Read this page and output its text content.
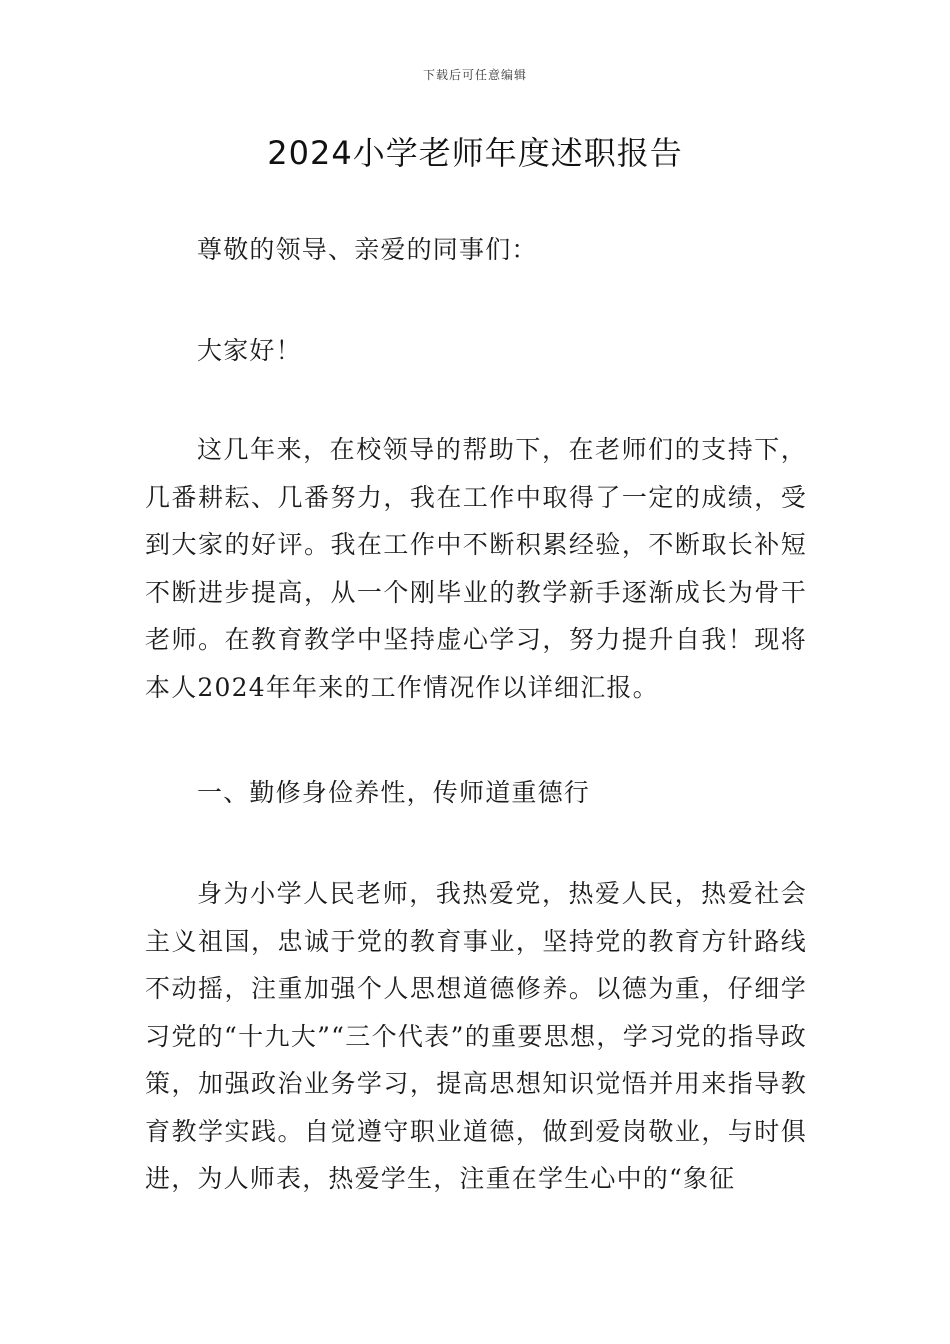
下载后可任意编辑
2024小学老师年度述职报告

尊敬的领导、亲爱的同事们：

大家好！

这几年来，在校领导的帮助下，在老师们的支持下，几番耕耘、几番努力，我在工作中取得了一定的成绩，受到大家的好评。我在工作中不断积累经验，不断取长补短不断进步提高，从一个刚毕业的教学新手逐渐成长为骨干老师。在教育教学中坚持虚心学习，努力提升自我！现将本人2024年年来的工作情况作以详细汇报。

一、勤修身俭养性，传师道重德行

身为小学人民老师，我热爱党，热爱人民，热爱社会主义祖国，忠诚于党的教育事业，坚持党的教育方针路线不动摇，注重加强个人思想道德修养。以德为重，仔细学习党的“十九大”“三个代表”的重要思想，学习党的指导政策，加强政治业务学习，提高思想知识觉悟并用来指导教育教学实践。自觉遵守职业道德，做到爱岗敬业，与时俱进，为人师表，热爱学生，注重在学生心中的“象征
